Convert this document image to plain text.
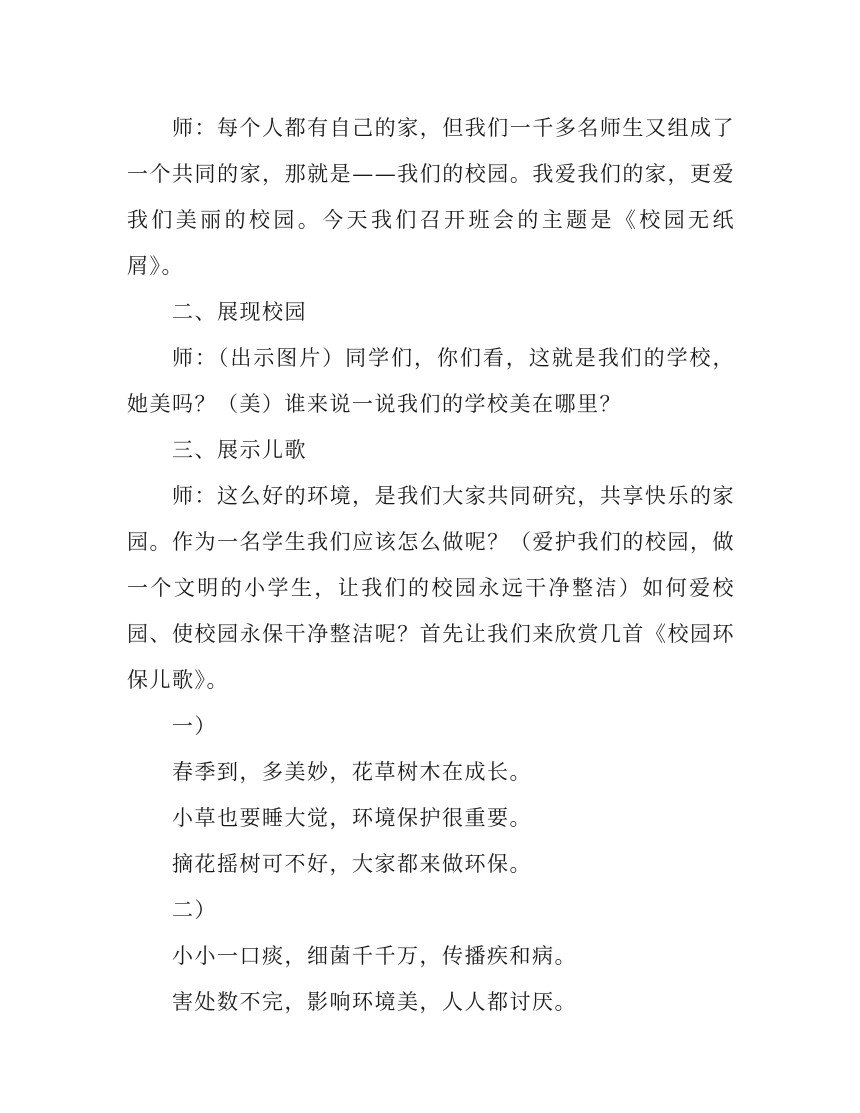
师：每个人都有自己的家，但我们一千多名师生又组成了一个共同的家，那就是——我们的校园。我爱我们的家，更爱我们美丽的校园。今天我们召开班会的主题是《校园无纸屑》。

二、展现校园

师：（出示图片）同学们，你们看，这就是我们的学校，她美吗？（美）谁来说一说我们的学校美在哪里？

三、展示儿歌

师：这么好的环境，是我们大家共同研究，共享快乐的家园。作为一名学生我们应该怎么做呢？（爱护我们的校园，做一个文明的小学生，让我们的校园永远干净整洁）如何爱校园、使校园永保干净整洁呢？首先让我们来欣赏几首《校园环保儿歌》。

一）

春季到，多美妙，花草树木在成长。

小草也要睡大觉，环境保护很重要。

摘花摇树可不好，大家都来做环保。

二）

小小一口痰，细菌千千万，传播疾和病。

害处数不完，影响环境美，人人都讨厌。
